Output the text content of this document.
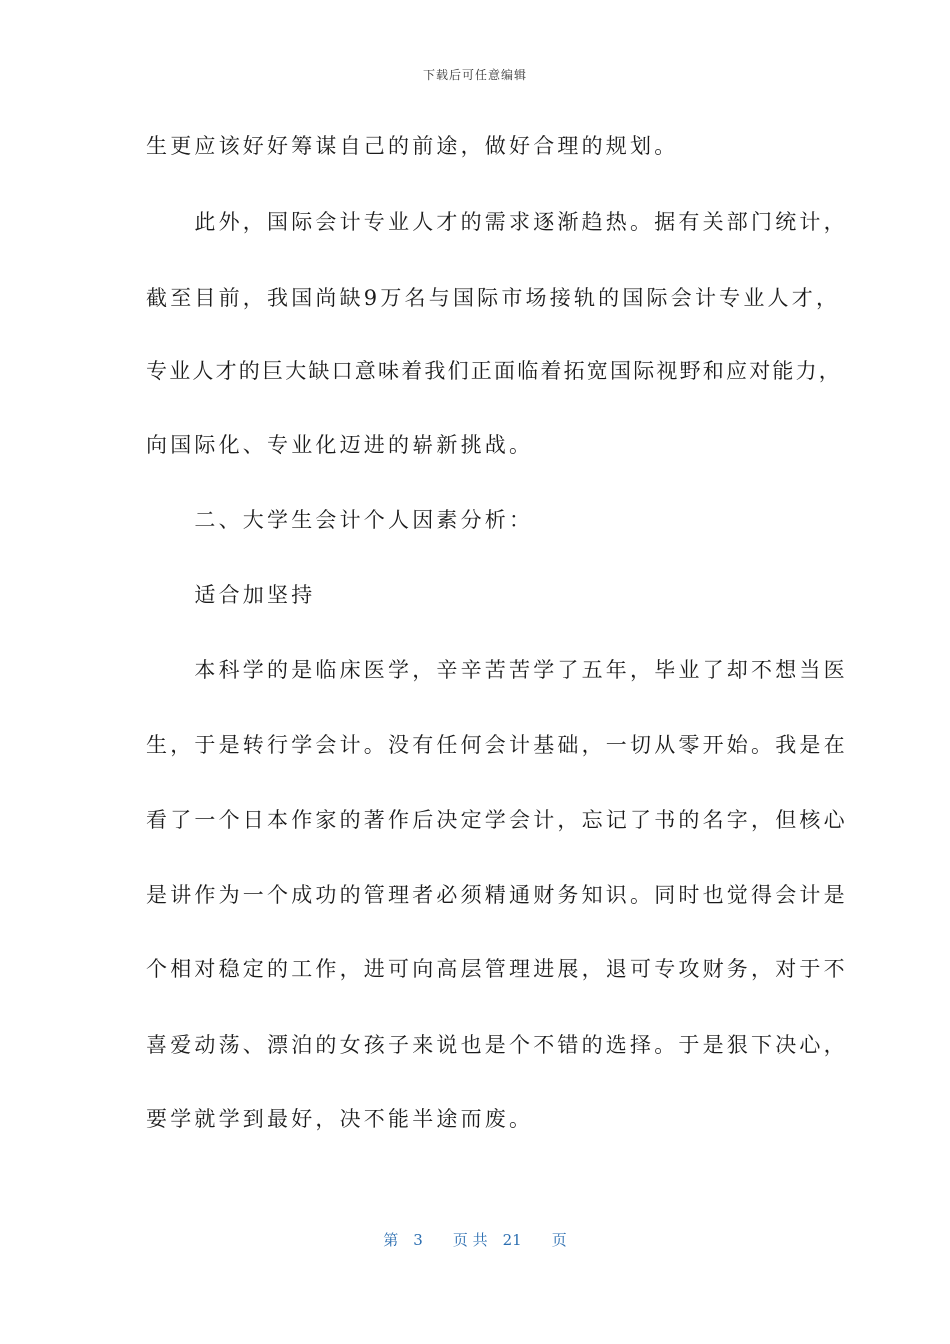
下载后可任意编辑
生更应该好好筹谋自己的前途，做好合理的规划。
　　此外，国际会计专业人才的需求逐渐趋热。据有关部门统计，
截至目前，我国尚缺9万名与国际市场接轨的国际会计专业人才，
专业人才的巨大缺口意味着我们正面临着拓宽国际视野和应对能力，
向国际化、专业化迈进的崭新挑战。
　　二、大学生会计个人因素分析：
　　适合加坚持
　　本科学的是临床医学，辛辛苦苦学了五年，毕业了却不想当医
生，于是转行学会计。没有任何会计基础，一切从零开始。我是在
看了一个日本作家的著作后决定学会计，忘记了书的名字，但核心
是讲作为一个成功的管理者必须精通财务知识。同时也觉得会计是
个相对稳定的工作，进可向高层管理进展，退可专攻财务，对于不
喜爱动荡、漂泊的女孩子来说也是个不错的选择。于是狠下决心，
要学就学到最好，决不能半途而废。
第　3　　页 共　21　　页
